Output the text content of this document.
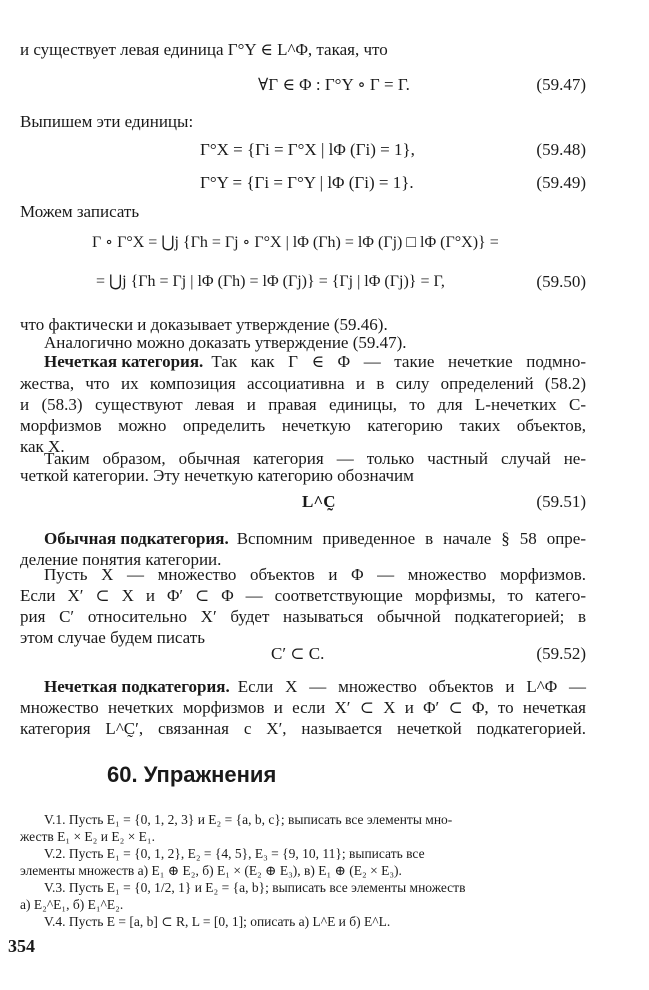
и существует левая единица Γ°Y ∈ L^Φ, такая, что
∀Γ ∈ Φ : Γ°Y ∘ Γ = Γ.	(59.47)
Выпишем эти единицы:
Γ°X = {Γi = Γ°X | lΦ (Γi) = 1},	(59.48)
Γ°Y = {Γi = Γ°Y | lΦ (Γi) = 1}.	(59.49)
Можем записать
Γ ∘ Γ°X = ⋃j {Γh = Γj ∘ Γ°X | lΦ (Γh) = lΦ (Γj) □ lΦ (Γ°X)} =
= ⋃j {Γh = Γj | lΦ (Γh) = lΦ (Γj)} = {Γj | lΦ (Γj)} = Γ,	(59.50)
что фактически и доказывает утверждение (59.46).
Аналогично можно доказать утверждение (59.47).
Нечеткая категория. Так как Γ ∈ Φ — такие нечеткие подмно-
жества, что их композиция ассоциативна и в силу определений (58.2)
и (58.3) существуют левая и правая единицы, то для L-нечетких C-
морфизмов можно определить нечеткую категорию таких объектов,
как X.
Таким образом, обычная категория — только частный случай не-
четкой категории. Эту нечеткую категорию обозначим
L^C̰	(59.51)
Обычная подкатегория. Вспомним приведенное в начале § 58 опре-
деление понятия категории.
Пусть X — множество объектов и Φ — множество морфизмов.
Если X′ ⊂ X и Φ′ ⊂ Φ — соответствующие морфизмы, то катего-
рия C′ относительно X′ будет называться обычной подкатегорией; в
этом случае будем писать
C′ ⊂ C.	(59.52)
Нечеткая подкатегория. Если X — множество объектов и L^Φ —
множество нечетких морфизмов и если X′ ⊂ X и Φ′ ⊂ Φ, то нечеткая
категория L^C̰′, связанная с X′, называется нечеткой подкатегорией.
60. Упражнения
V.1. Пусть E₁ = {0, 1, 2, 3} и E₂ = {a, b, c}; выписать все элементы мно-
жеств E₁ × E₂ и E₂ × E₁.
V.2. Пусть E₁ = {0, 1, 2}, E₂ = {4, 5}, E₃ = {9, 10, 11}; выписать все
элементы множеств а) E₁ ⊕ E₂, б) E₁ × (E₂ ⊕ E₃), в) E₁ ⊕ (E₂ × E₃).
V.3. Пусть E₁ = {0, 1/2, 1} и E₂ = {a, b}; выписать все элементы множеств
а) E₂^E₁, б) E₁^E₂.
V.4. Пусть E = [a, b] ⊂ R, L = [0, 1]; описать а) L^E и б) E^L.
354
